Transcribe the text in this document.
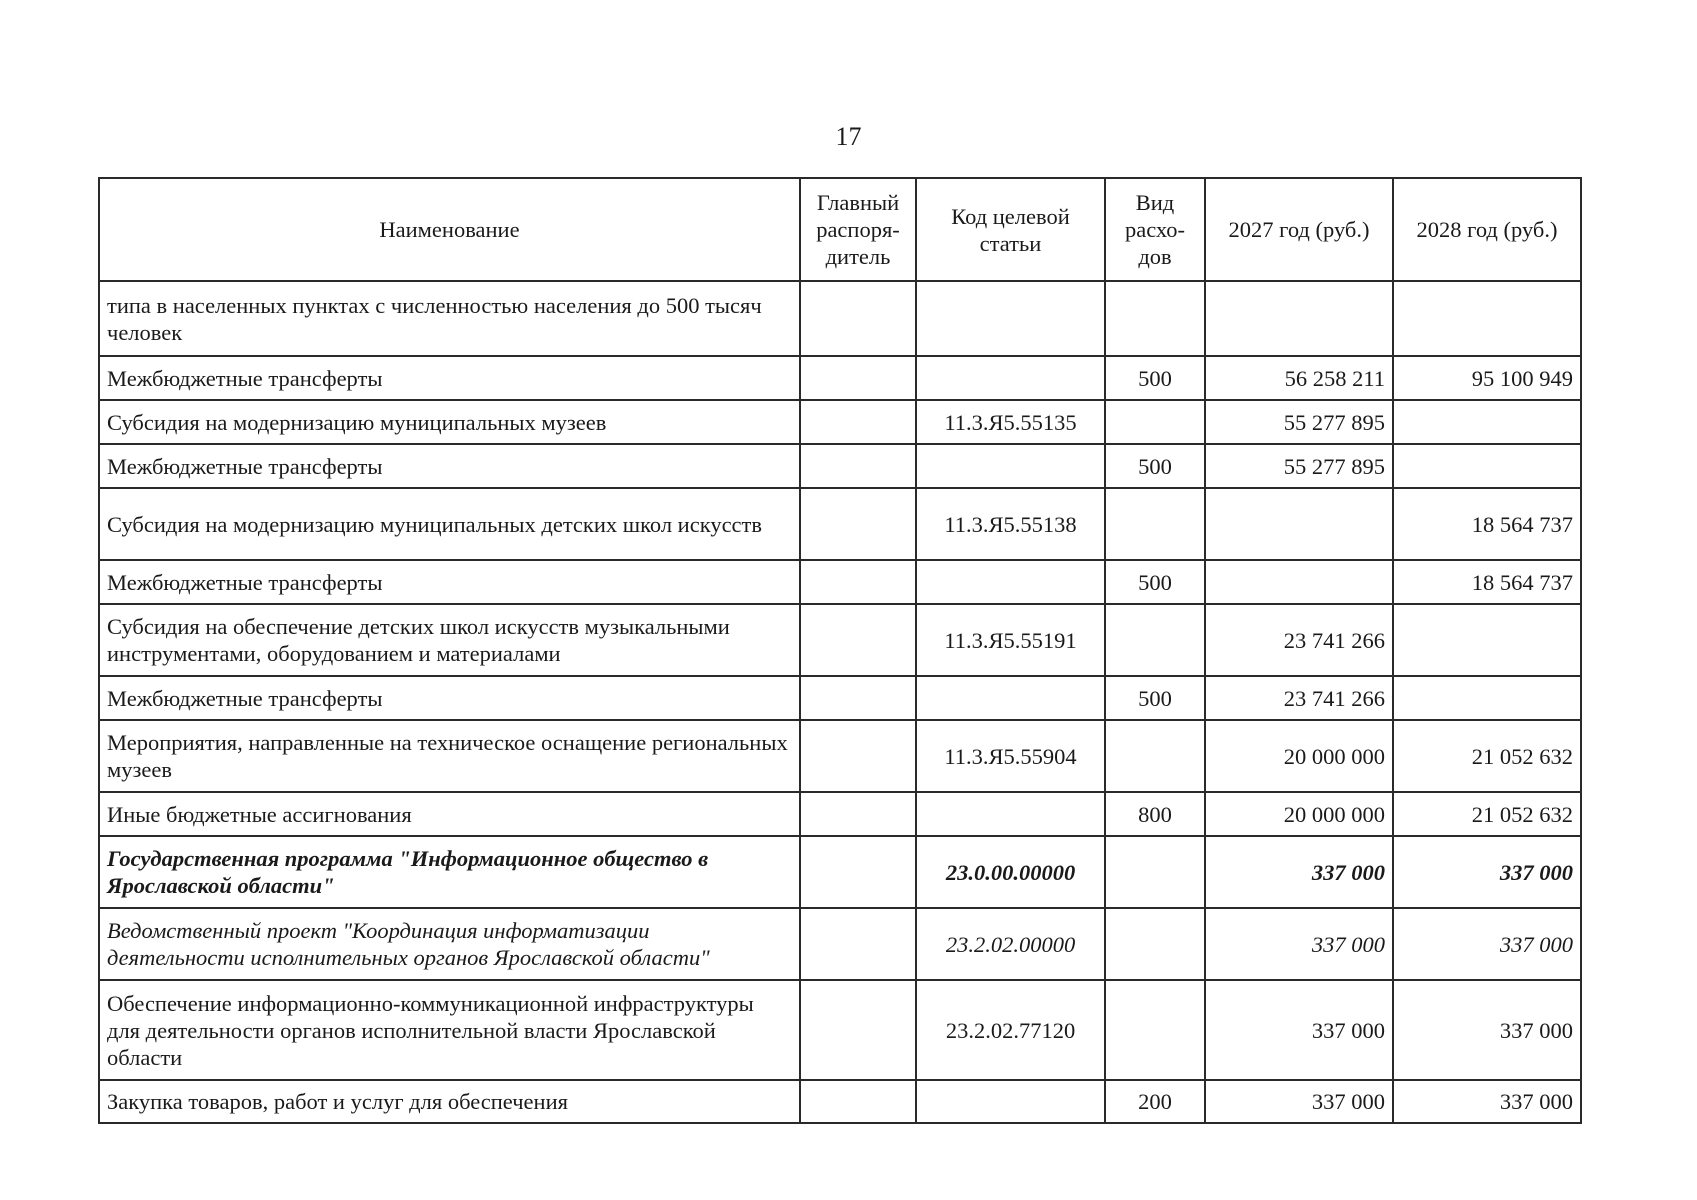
17
Наименование	Главный распоря-дитель	Код целевой статьи	Вид расхо-дов	2027 год (руб.)	2028 год (руб.)
типа в населенных пунктах с численностью населения до 500 тысяч человек					
Межбюджетные трансферты			500	56 258 211	95 100 949
Субсидия на модернизацию муниципальных музеев		11.3.Я5.55135		55 277 895	
Межбюджетные трансферты			500	55 277 895	
Субсидия на модернизацию муниципальных детских школ искусств		11.3.Я5.55138			18 564 737
Межбюджетные трансферты			500		18 564 737
Субсидия на обеспечение детских школ искусств музыкальными инструментами, оборудованием и материалами		11.3.Я5.55191		23 741 266	
Межбюджетные трансферты			500	23 741 266	
Мероприятия, направленные на техническое оснащение региональных музеев		11.3.Я5.55904		20 000 000	21 052 632
Иные бюджетные ассигнования			800	20 000 000	21 052 632
Государственная программа "Информационное общество в Ярославской области"		23.0.00.00000		337 000	337 000
Ведомственный проект "Координация информатизации деятельности исполнительных органов Ярославской области"		23.2.02.00000		337 000	337 000
Обеспечение информационно-коммуникационной инфраструктуры для деятельности органов исполнительной власти Ярославской области		23.2.02.77120		337 000	337 000
Закупка товаров, работ и услуг для обеспечения			200	337 000	337 000
